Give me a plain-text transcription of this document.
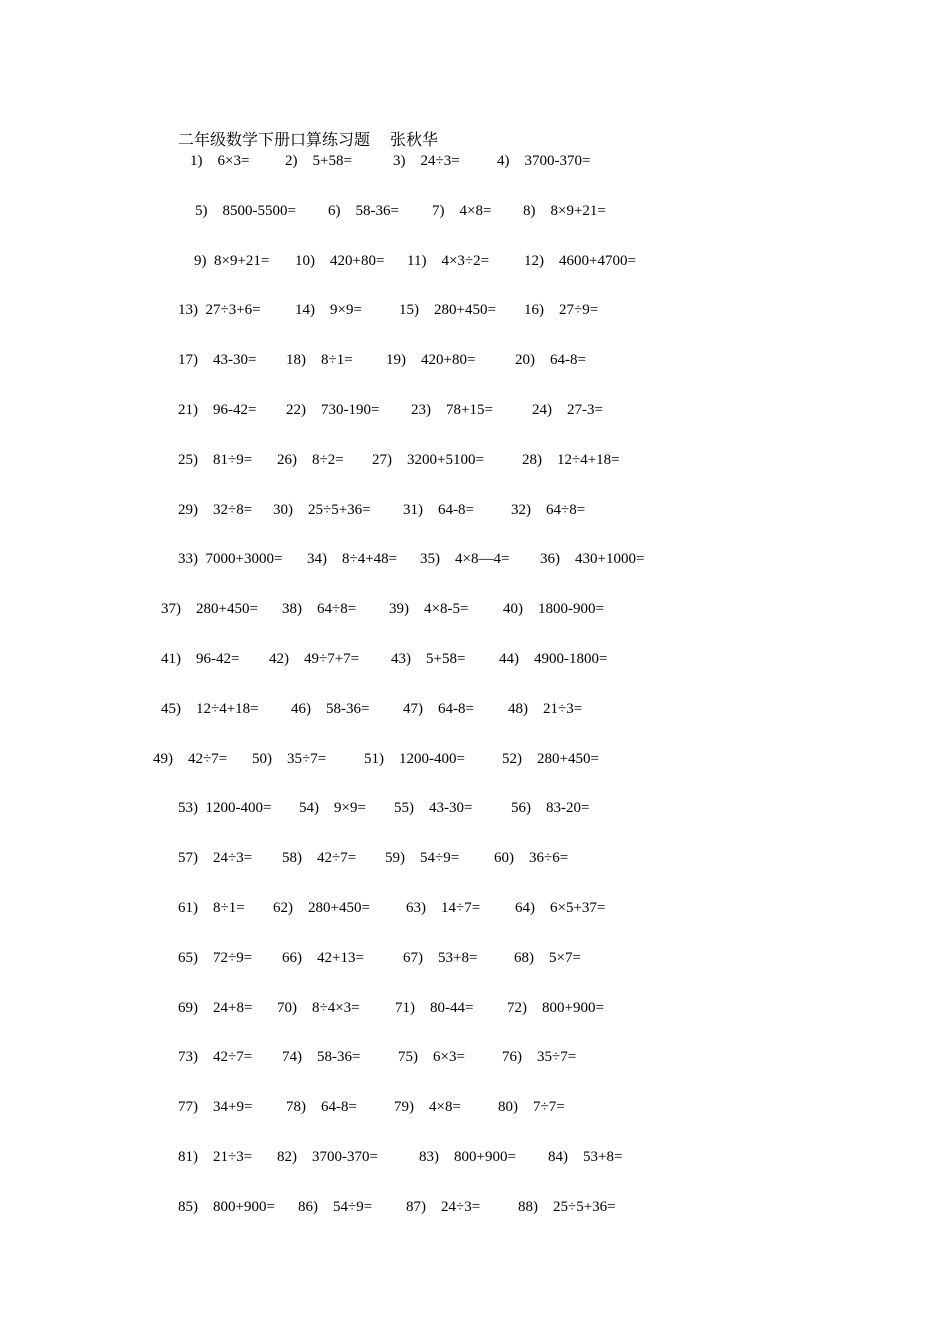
二年级数学下册口算练习题 张秋华
1)    6×3= 2)    5+58=	3)    24÷3= 4)    3700-370=
5)    8500-5500= 6)    58-36= 7)    4×8= 8)    8×9+21=
9)  8×9+21= 10)    420+80= 11)    4×3÷2= 12)    4600+4700=
13)  27÷3+6= 14)    9×9= 15)    280+450= 16)    27÷9=
17)    43-30= 18)    8÷1= 19)    420+80=	20)    64-8=
21)    96-42= 22)    730-190= 23)    78+15=	24)    27-3=
25)    81÷9= 26)    8÷2= 27)    3200+5100=	28)    12÷4+18=
29)    32÷8= 30)    25÷5+36= 31)    64-8= 32)    64÷8=
33)  7000+3000= 34)    8÷4+48= 35)    4×8—4= 36)    430+1000=
37)    280+450= 38)    64÷8= 39)    4×8-5= 40)    1800-900=
41)    96-42= 42)    49÷7+7= 43)    5+58= 44)    4900-1800=
45)    12÷4+18= 46)    58-36= 47)    64-8= 48)    21÷3=
49)    42÷7= 50)    35÷7=	51)    1200-400= 52)    280+450=
53)  1200-400= 54)    9×9= 55)    43-30=	56)    83-20=
57)    24÷3= 58)    42÷7= 59)    54÷9= 60)    36÷6=
61)    8÷1= 62)    280+450= 63)    14÷7= 64)    6×5+37=
65)    72÷9= 66)    42+13=	67)    53+8= 68)    5×7=
69)    24+8= 70)    8÷4×3= 71)    80-44= 72)    800+900=
73)    42÷7= 74)    58-36=	75)    6×3= 76)    35÷7=
77)    34+9= 78)    64-8= 79)    4×8= 80)    7÷7=
81)    21÷3= 82)    3700-370=	83)    800+900= 84)    53+8=
85)    800+900= 86)    54÷9= 87)    24÷3=	88)    25÷5+36=
